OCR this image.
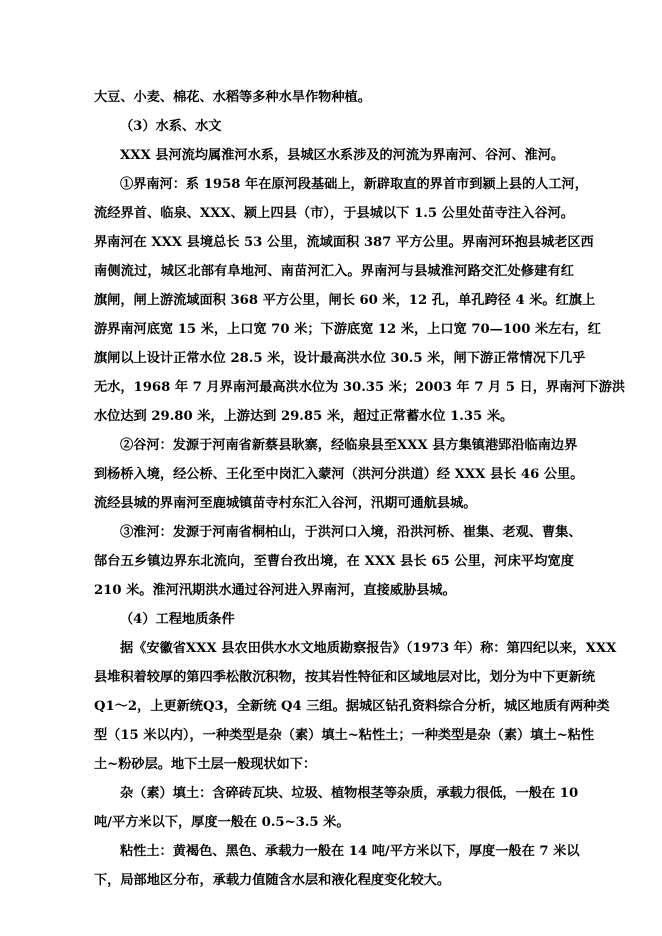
大豆、小麦、棉花、水稻等多种水旱作物种植。
（3）水系、水文
XXX 县河流均属淮河水系，县城区水系涉及的河流为界南河、谷河、淮河。
①界南河：系 1958 年在原河段基础上，新辟取直的界首市到颍上县的人工河，
流经界首、临泉、XXX、颍上四县（市），于县城以下 1.5 公里处苗寺注入谷河。
界南河在 XXX 县境总长 53 公里，流域面积 387 平方公里。界南河环抱县城老区西
南侧流过，城区北部有阜地河、南苗河汇入。界南河与县城淮河路交汇处修建有红
旗闸，闸上游流域面积 368 平方公里，闸长 60 米，12 孔，单孔跨径 4 米。红旗上
游界南河底宽 15 米，上口宽 70 米；下游底宽 12 米，上口宽 70—100 米左右，红
旗闸以上设计正常水位 28.5 米，设计最高洪水位 30.5 米，闸下游正常情况下几乎
无水，1968 年 7 月界南河最高洪水位为 30.35 米；2003 年 7 月 5 日，界南河下游洪
水位达到 29.80 米，上游达到 29.85 米，超过正常蓄水位 1.35 米。
②谷河：发源于河南省新蔡县耿寨，经临泉县至XXX 县方集镇港郢沿临南边界
到杨桥入境，经公桥、王化至中岗汇入蒙河（洪河分洪道）经 XXX 县长 46 公里。
流经县城的界南河至鹿城镇苗寺村东汇入谷河，汛期可通航县城。
③淮河：发源于河南省桐柏山，于洪河口入境，沿洪河桥、崔集、老观、曹集、
郜台五乡镇边界东北流向，至曹台孜出境，在 XXX 县长 65 公里，河床平均宽度
210 米。淮河汛期洪水通过谷河进入界南河，直接威胁县城。
（4）工程地质条件
据《安徽省XXX 县农田供水水文地质勘察报告》（1973 年）称：第四纪以来，XXX
县堆积着较厚的第四季松散沉积物，按其岩性特征和区域地层对比，划分为中下更新统
Q1～2，上更新统Q3，全新统 Q4 三组。据城区钻孔资料综合分析，城区地质有两种类
型（15 米以内），一种类型是杂（素）填土~粘性土；一种类型是杂（素）填土~粘性
土~粉砂层。地下土层一般现状如下：
杂（素）填土：含碎砖瓦块、垃圾、植物根茎等杂质，承载力很低，一般在 10
吨/平方米以下，厚度一般在 0.5~3.5 米。
粘性土：黄褐色、黑色、承载力一般在 14 吨/平方米以下，厚度一般在 7 米以
下，局部地区分布，承载力值随含水层和液化程度变化较大。
